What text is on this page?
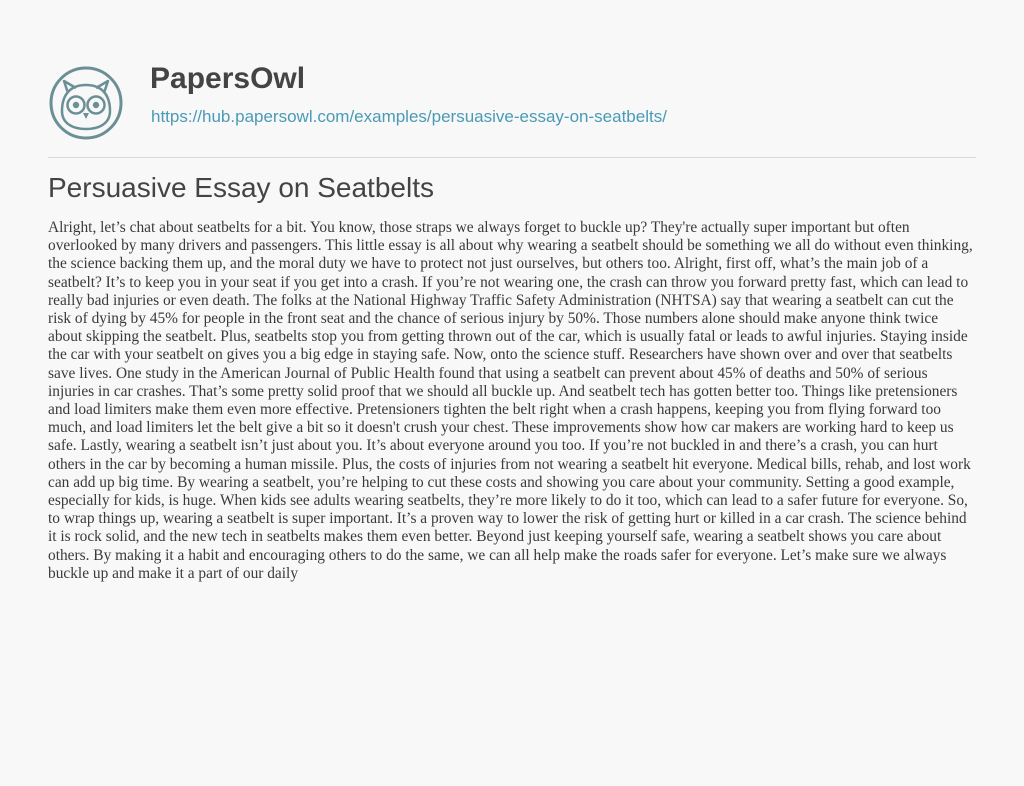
PapersOwl
https://hub.papersowl.com/examples/persuasive-essay-on-seatbelts/
Persuasive Essay on Seatbelts

Alright, let’s chat about seatbelts for a bit. You know, those straps we always forget to buckle up? They're actually super important but often overlooked by many drivers and passengers. This little essay is all about why wearing a seatbelt should be something we all do without even thinking, the science backing them up, and the moral duty we have to protect not just ourselves, but others too. Alright, first off, what’s the main job of a seatbelt? It’s to keep you in your seat if you get into a crash. If you’re not wearing one, the crash can throw you forward pretty fast, which can lead to really bad injuries or even death. The folks at the National Highway Traffic Safety Administration (NHTSA) say that wearing a seatbelt can cut the risk of dying by 45% for people in the front seat and the chance of serious injury by 50%. Those numbers alone should make anyone think twice about skipping the seatbelt. Plus, seatbelts stop you from getting thrown out of the car, which is usually fatal or leads to awful injuries. Staying inside the car with your seatbelt on gives you a big edge in staying safe. Now, onto the science stuff. Researchers have shown over and over that seatbelts save lives. One study in the American Journal of Public Health found that using a seatbelt can prevent about 45% of deaths and 50% of serious injuries in car crashes. That’s some pretty solid proof that we should all buckle up. And seatbelt tech has gotten better too. Things like pretensioners and load limiters make them even more effective. Pretensioners tighten the belt right when a crash happens, keeping you from flying forward too much, and load limiters let the belt give a bit so it doesn't crush your chest. These improvements show how car makers are working hard to keep us safe. Lastly, wearing a seatbelt isn’t just about you. It’s about everyone around you too. If you’re not buckled in and there’s a crash, you can hurt others in the car by becoming a human missile. Plus, the costs of injuries from not wearing a seatbelt hit everyone. Medical bills, rehab, and lost work can add up big time. By wearing a seatbelt, you’re helping to cut these costs and showing you care about your community. Setting a good example, especially for kids, is huge. When kids see adults wearing seatbelts, they’re more likely to do it too, which can lead to a safer future for everyone. So, to wrap things up, wearing a seatbelt is super important. It’s a proven way to lower the risk of getting hurt or killed in a car crash. The science behind it is rock solid, and the new tech in seatbelts makes them even better. Beyond just keeping yourself safe, wearing a seatbelt shows you care about others. By making it a habit and encouraging others to do the same, we can all help make the roads safer for everyone. Let’s make sure we always buckle up and make it a part of our daily
